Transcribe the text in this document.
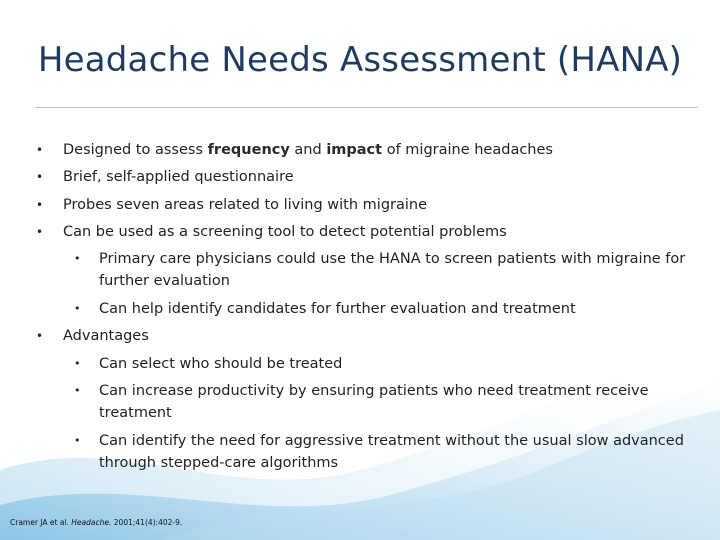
Headache Needs Assessment (HANA)
• Designed to assess frequency and impact of migraine headaches
• Brief, self-applied questionnaire
• Probes seven areas related to living with migraine
• Can be used as a screening tool to detect potential problems
• Primary care physicians could use the HANA to screen patients with migraine for further evaluation
• Can help identify candidates for further evaluation and treatment
• Advantages
• Can select who should be treated
• Can increase productivity by ensuring patients who need treatment receive treatment
• Can identify the need for aggressive treatment without the usual slow advanced through stepped-care algorithms
Cramer JA et al. Headache. 2001;41(4):402-9.
